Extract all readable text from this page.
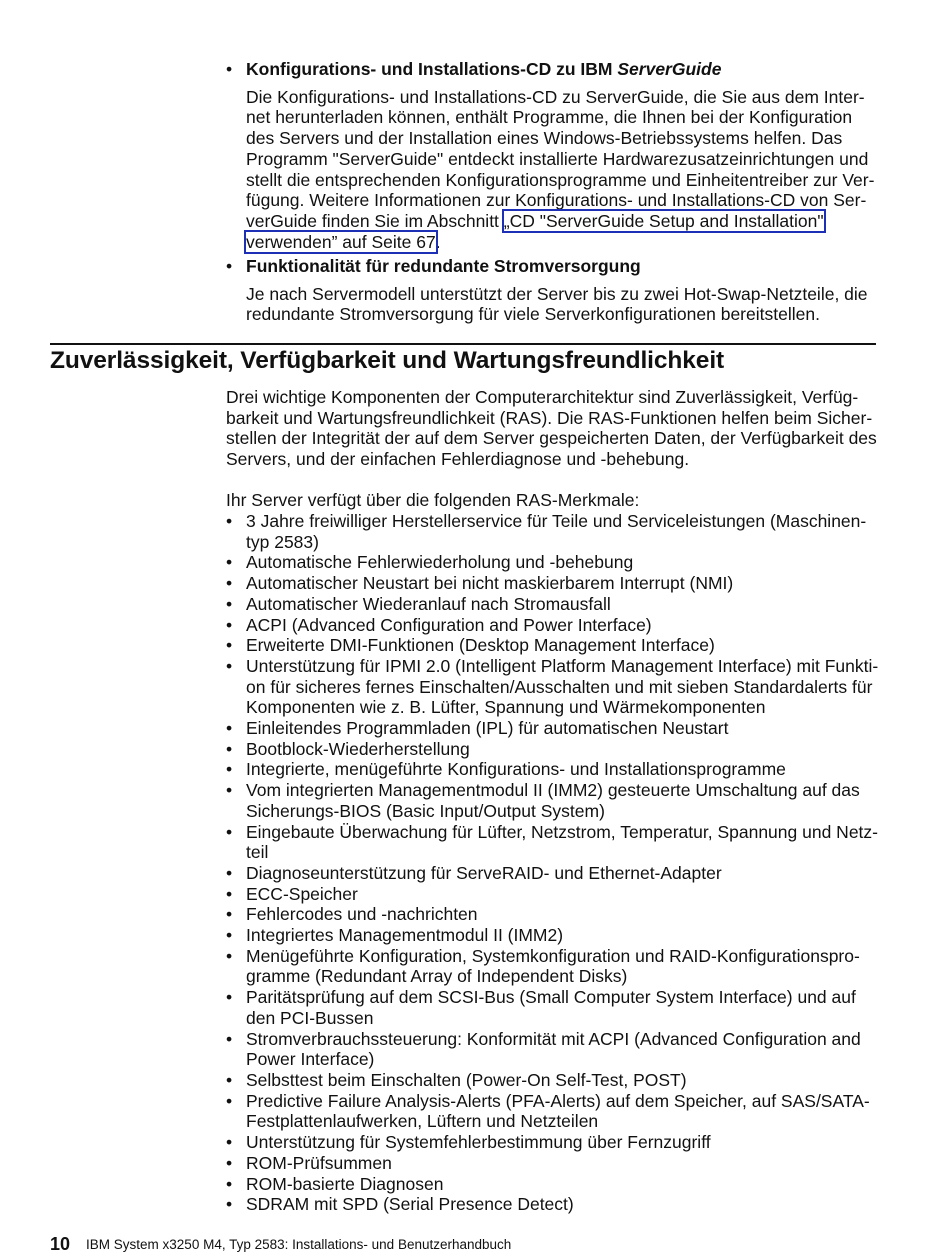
• Konfigurations- und Installations-CD zu IBM ServerGuide
Die Konfigurations- und Installations-CD zu ServerGuide, die Sie aus dem Inter-net herunterladen können, enthält Programme, die Ihnen bei der Konfiguration des Servers und der Installation eines Windows-Betriebssystems helfen. Das Programm "ServerGuide" entdeckt installierte Hardwarezusatzeinrichtungen und stellt die entsprechenden Konfigurationsprogramme und Einheitentreiber zur Ver-fügung. Weitere Informationen zur Konfigurations- und Installations-CD von Ser-verGuide finden Sie im Abschnitt „CD "ServerGuide Setup and Installation" verwenden” auf Seite 67.
• Funktionalität für redundante Stromversorgung
Je nach Servermodell unterstützt der Server bis zu zwei Hot-Swap-Netzteile, die redundante Stromversorgung für viele Serverkonfigurationen bereitstellen.
Zuverlässigkeit, Verfügbarkeit und Wartungsfreundlichkeit
Drei wichtige Komponenten der Computerarchitektur sind Zuverlässigkeit, Verfüg-barkeit und Wartungsfreundlichkeit (RAS). Die RAS-Funktionen helfen beim Sicher-stellen der Integrität der auf dem Server gespeicherten Daten, der Verfügbarkeit des Servers, und der einfachen Fehlerdiagnose und -behebung.
Ihr Server verfügt über die folgenden RAS-Merkmale:
• 3 Jahre freiwilliger Herstellerservice für Teile und Serviceleistungen (Maschinen-typ 2583)
• Automatische Fehlerwiederholung und -behebung
• Automatischer Neustart bei nicht maskierbarem Interrupt (NMI)
• Automatischer Wiederanlauf nach Stromausfall
• ACPI (Advanced Configuration and Power Interface)
• Erweiterte DMI-Funktionen (Desktop Management Interface)
• Unterstützung für IPMI 2.0 (Intelligent Platform Management Interface) mit Funkti-on für sicheres fernes Einschalten/Ausschalten und mit sieben Standardalerts für Komponenten wie z. B. Lüfter, Spannung und Wärmekomponenten
• Einleitendes Programmladen (IPL) für automatischen Neustart
• Bootblock-Wiederherstellung
• Integrierte, menügeführte Konfigurations- und Installationsprogramme
• Vom integrierten Managementmodul II (IMM2) gesteuerte Umschaltung auf das Sicherungs-BIOS (Basic Input/Output System)
• Eingebaute Überwachung für Lüfter, Netzstrom, Temperatur, Spannung und Netz-teil
• Diagnoseunterstützung für ServeRAID- und Ethernet-Adapter
• ECC-Speicher
• Fehlercodes und -nachrichten
• Integriertes Managementmodul II (IMM2)
• Menügeführte Konfiguration, Systemkonfiguration und RAID-Konfigurationspro-gramme (Redundant Array of Independent Disks)
• Paritätsprüfung auf dem SCSI-Bus (Small Computer System Interface) und auf den PCI-Bussen
• Stromverbrauchssteuerung: Konformität mit ACPI (Advanced Configuration and Power Interface)
• Selbsttest beim Einschalten (Power-On Self-Test, POST)
• Predictive Failure Analysis-Alerts (PFA-Alerts) auf dem Speicher, auf SAS/SATA-Festplattenlaufwerken, Lüftern und Netzteilen
• Unterstützung für Systemfehlerbestimmung über Fernzugriff
• ROM-Prüfsummen
• ROM-basierte Diagnosen
• SDRAM mit SPD (Serial Presence Detect)
10 IBM System x3250 M4, Typ 2583: Installations- und Benutzerhandbuch
